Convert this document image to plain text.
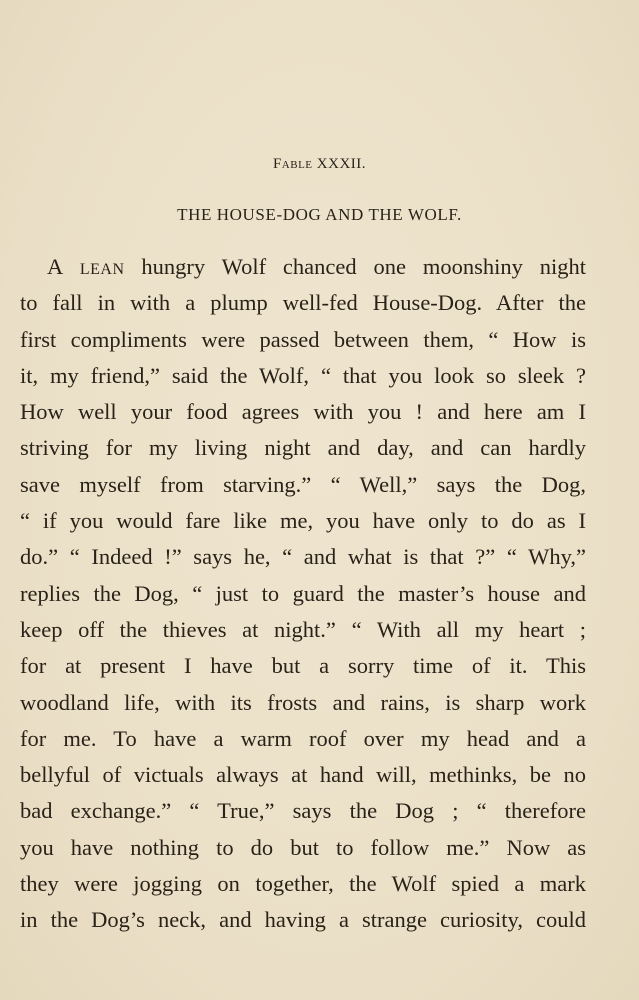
Fable XXXII.
THE HOUSE-DOG AND THE WOLF.
A lean hungry Wolf chanced one moonshiny night
to fall in with a plump well-fed House-Dog. After the
first compliments were passed between them, “ How is
it, my friend,” said the Wolf, “ that you look so sleek ?
How well your food agrees with you ! and here am I
striving for my living night and day, and can hardly
save myself from starving.” “ Well,” says the Dog,
“ if you would fare like me, you have only to do as I
do.” “ Indeed !” says he, “ and what is that ?” “ Why,”
replies the Dog, “ just to guard the master’s house and
keep off the thieves at night.” “ With all my heart ;
for at present I have but a sorry time of it. This
woodland life, with its frosts and rains, is sharp work
for me. To have a warm roof over my head and a
bellyful of victuals always at hand will, methinks, be no
bad exchange.” “ True,” says the Dog ; “ therefore
you have nothing to do but to follow me.” Now as
they were jogging on together, the Wolf spied a mark
in the Dog’s neck, and having a strange curiosity, could
